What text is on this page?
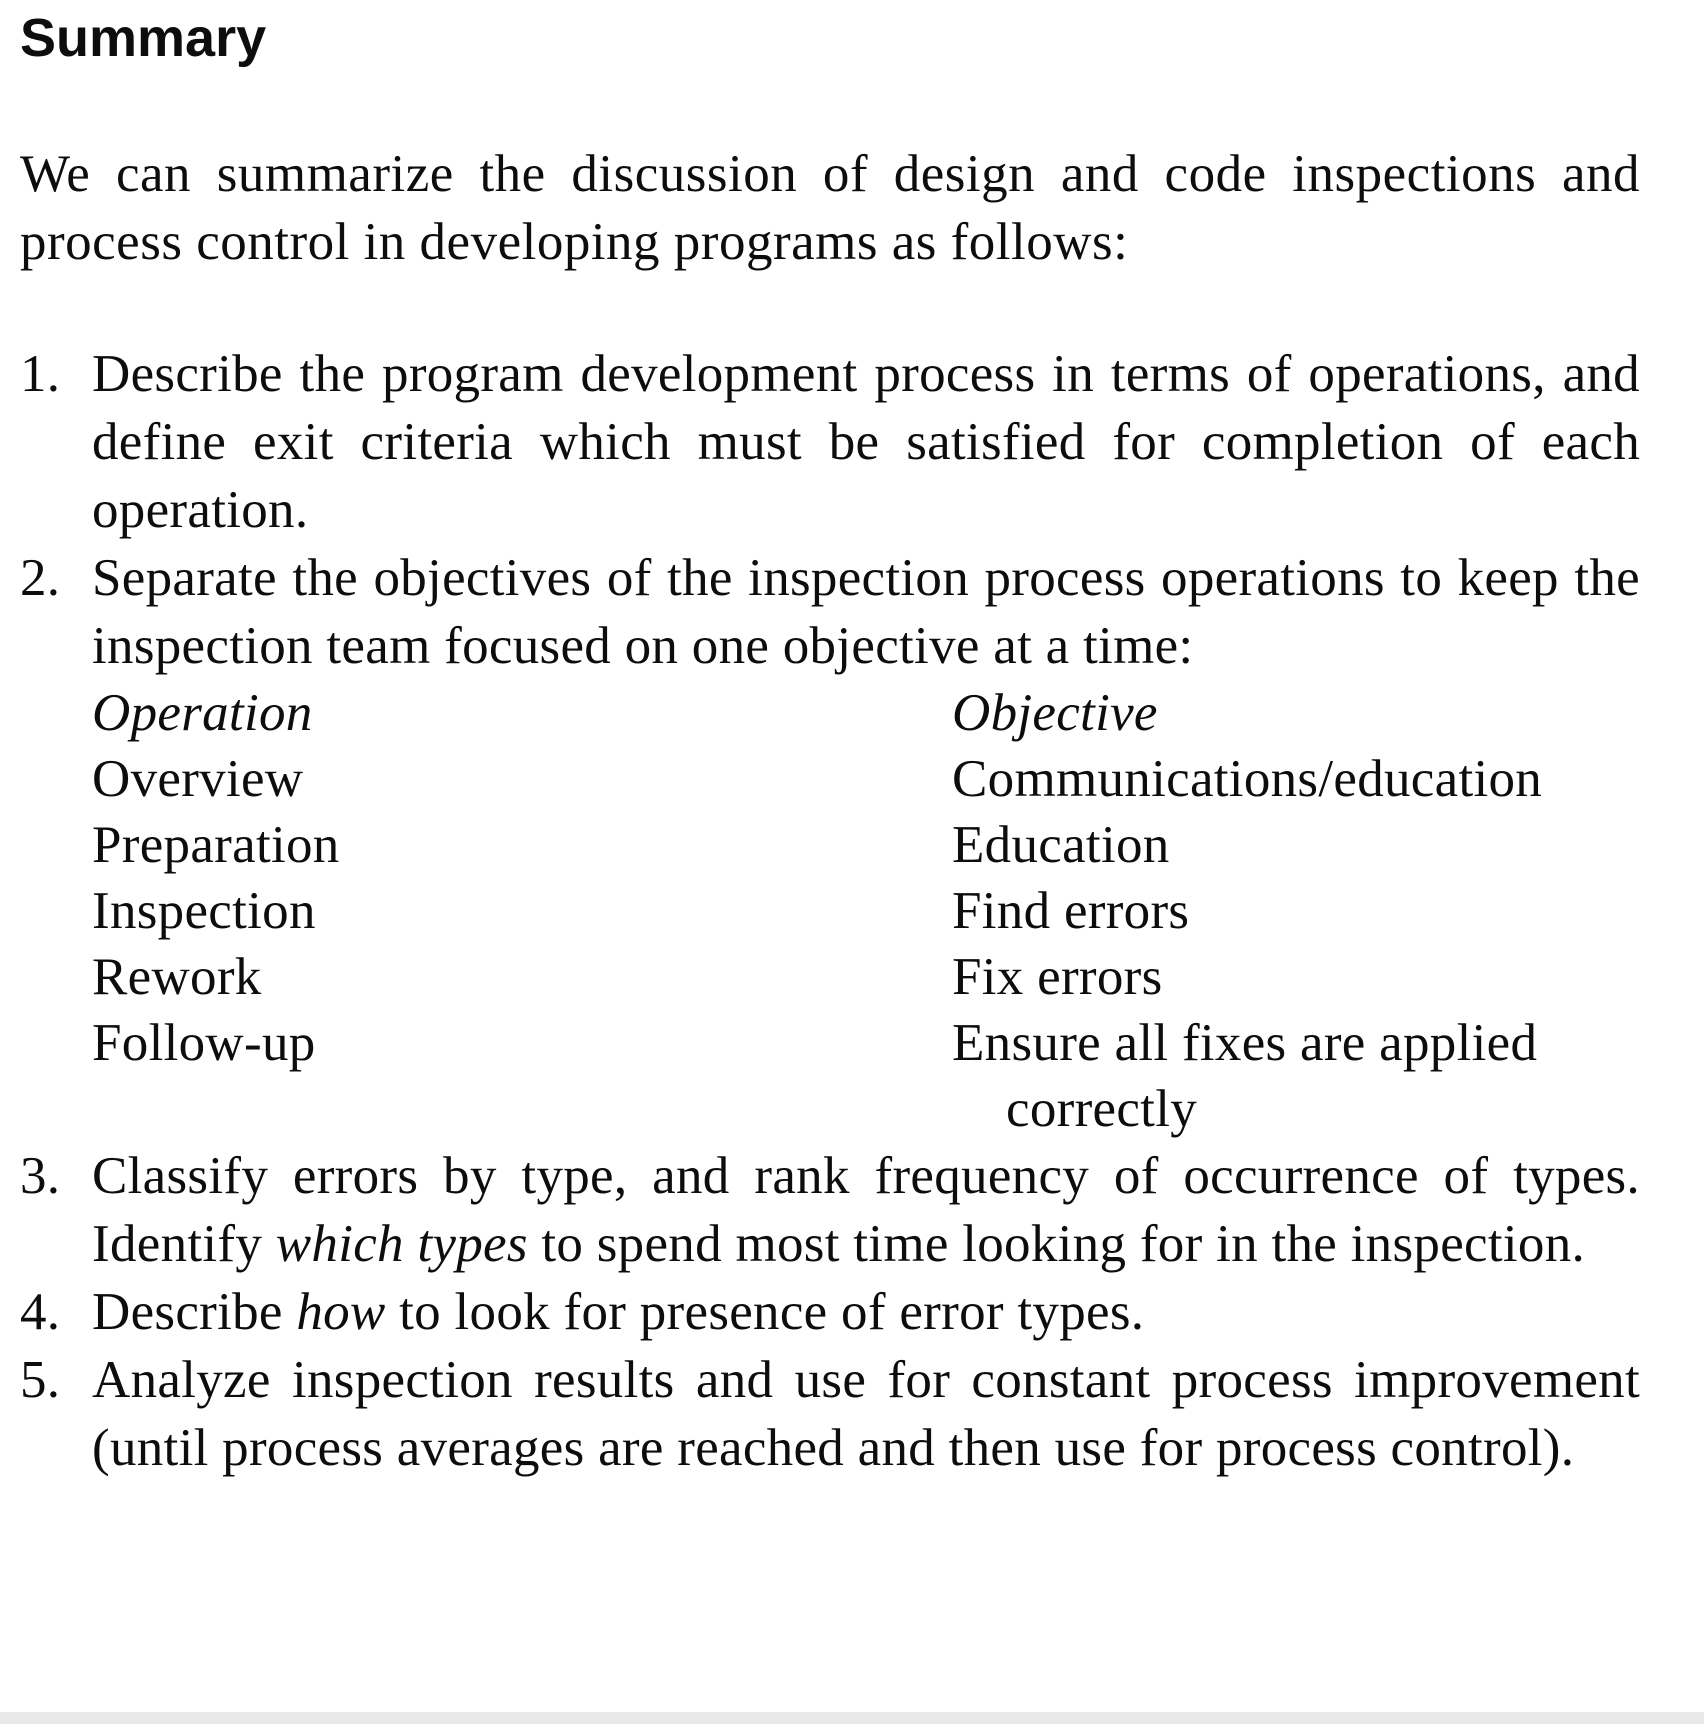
Summary

We can summarize the discussion of design and code inspections and process control in developing programs as follows:

1. Describe the program development process in terms of operations, and define exit criteria which must be satisfied for completion of each operation.
2. Separate the objectives of the inspection process operations to keep the inspection team focused on one objective at a time:
Operation	Objective
Overview	Communications/education
Preparation	Education
Inspection	Find errors
Rework	Fix errors
Follow-up	Ensure all fixes are applied
correctly
3. Classify errors by type, and rank frequency of occurrence of types. Identify which types to spend most time looking for in the inspection.
4. Describe how to look for presence of error types.
5. Analyze inspection results and use for constant process improvement (until process averages are reached and then use for process control).
